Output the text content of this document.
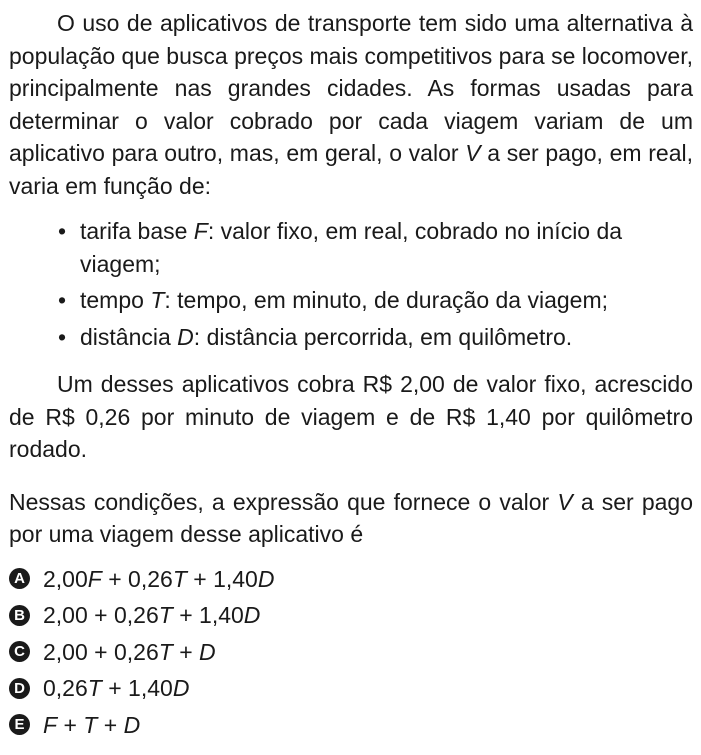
O uso de aplicativos de transporte tem sido uma alternativa à população que busca preços mais competitivos para se locomover, principalmente nas grandes cidades. As formas usadas para determinar o valor cobrado por cada viagem variam de um aplicativo para outro, mas, em geral, o valor V a ser pago, em real, varia em função de:

• tarifa base F: valor fixo, em real, cobrado no início da viagem;
• tempo T: tempo, em minuto, de duração da viagem;
• distância D: distância percorrida, em quilômetro.

Um desses aplicativos cobra R$ 2,00 de valor fixo, acrescido de R$ 0,26 por minuto de viagem e de R$ 1,40 por quilômetro rodado.

Nessas condições, a expressão que fornece o valor V a ser pago por uma viagem desse aplicativo é

A 2,00F + 0,26T + 1,40D
B 2,00 + 0,26T + 1,40D
C 2,00 + 0,26T + D
D 0,26T + 1,40D
E F + T + D
